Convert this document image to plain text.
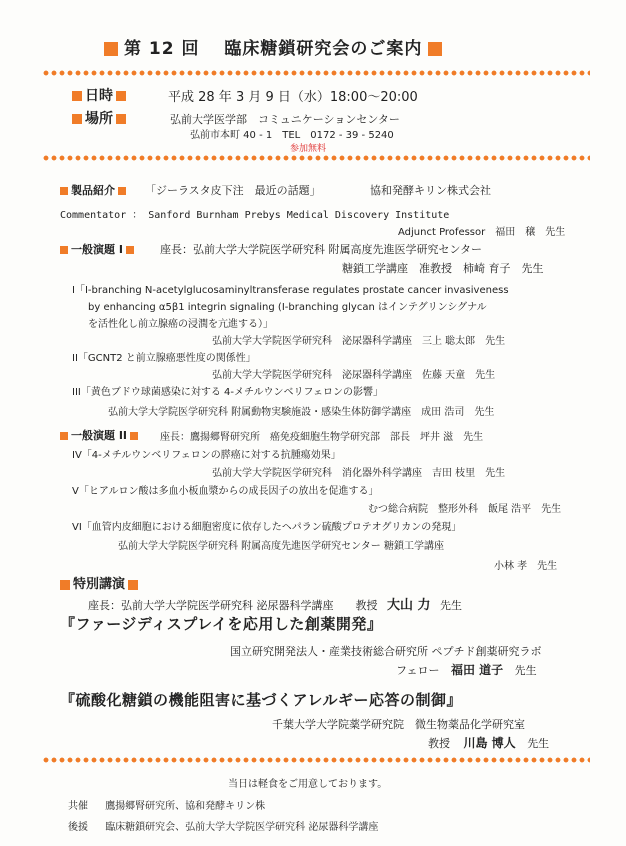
第 12 回　 臨床糖鎖研究会のご案内
日時	平成 28 年 3 月 9 日（水）18:00〜20:00
場所	弘前大学医学部　コミュニケーションセンター
弘前市本町 40 - 1　TEL　0172 - 39 - 5240
参加無料
製品紹介	「ジーラスタ皮下注　最近の話題」	協和発酵キリン株式会社
Commentator ： Sanford Burnham Prebys Medical Discovery Institute
Adjunct Professor　福田　穣　先生
一般演題 I	座長：弘前大学大学院医学研究科 附属高度先進医学研究センター
糖鎖工学講座　准教授　柿崎 育子　先生
I「I-branching N-acetylglucosaminyltransferase regulates prostate cancer invasiveness
by enhancing α5β1 integrin signaling (I-branching glycan はインテグリンシグナル
を活性化し前立腺癌の浸潤を亢進する）」
弘前大学大学院医学研究科　泌尿器科学講座　三上 聡太郎　先生
II「GCNT2 と前立腺癌悪性度の関係性」
弘前大学大学院医学研究科　泌尿器科学講座　佐藤 天童　先生
III「黄色ブドウ球菌感染に対する 4-メチルウンベリフェロンの影響」
弘前大学大学院医学研究科 附属動物実験施設・感染生体防御学講座　成田 浩司　先生
一般演題 II	座長：鷹揚郷腎研究所　癌免疫細胞生物学研究部　部長　坪井 滋　先生
IV「4-メチルウンベリフェロンの膵癌に対する抗腫瘍効果」
弘前大学大学院医学研究科　消化器外科学講座　吉田 枝里　先生
V「ヒアルロン酸は多血小板血漿からの成長因子の放出を促進する」
むつ総合病院　整形外科　飯尾 浩平　先生
VI「血管内皮細胞における細胞密度に依存したヘパラン硫酸プロテオグリカンの発現」
弘前大学大学院医学研究科 附属高度先進医学研究センター 糖鎖工学講座
小林 孝　先生
特別講演
座長：弘前大学大学院医学研究科 泌尿器科学講座　　教授 大山 力 先生
『ファージディスプレイを応用した創薬開発』
国立研究開発法人・産業技術総合研究所 ペプチド創薬研究ラボ
フェロー 福田 道子 先生
『硫酸化糖鎖の機能阻害に基づくアレルギー応答の制御』
千葉大学大学院薬学研究院　微生物薬品化学研究室
教授 川島 博人 先生
当日は軽食をご用意しております。
共催 鷹揚郷腎研究所、協和発酵キリン株
後援 臨床糖鎖研究会、弘前大学大学院医学研究科 泌尿器科学講座
